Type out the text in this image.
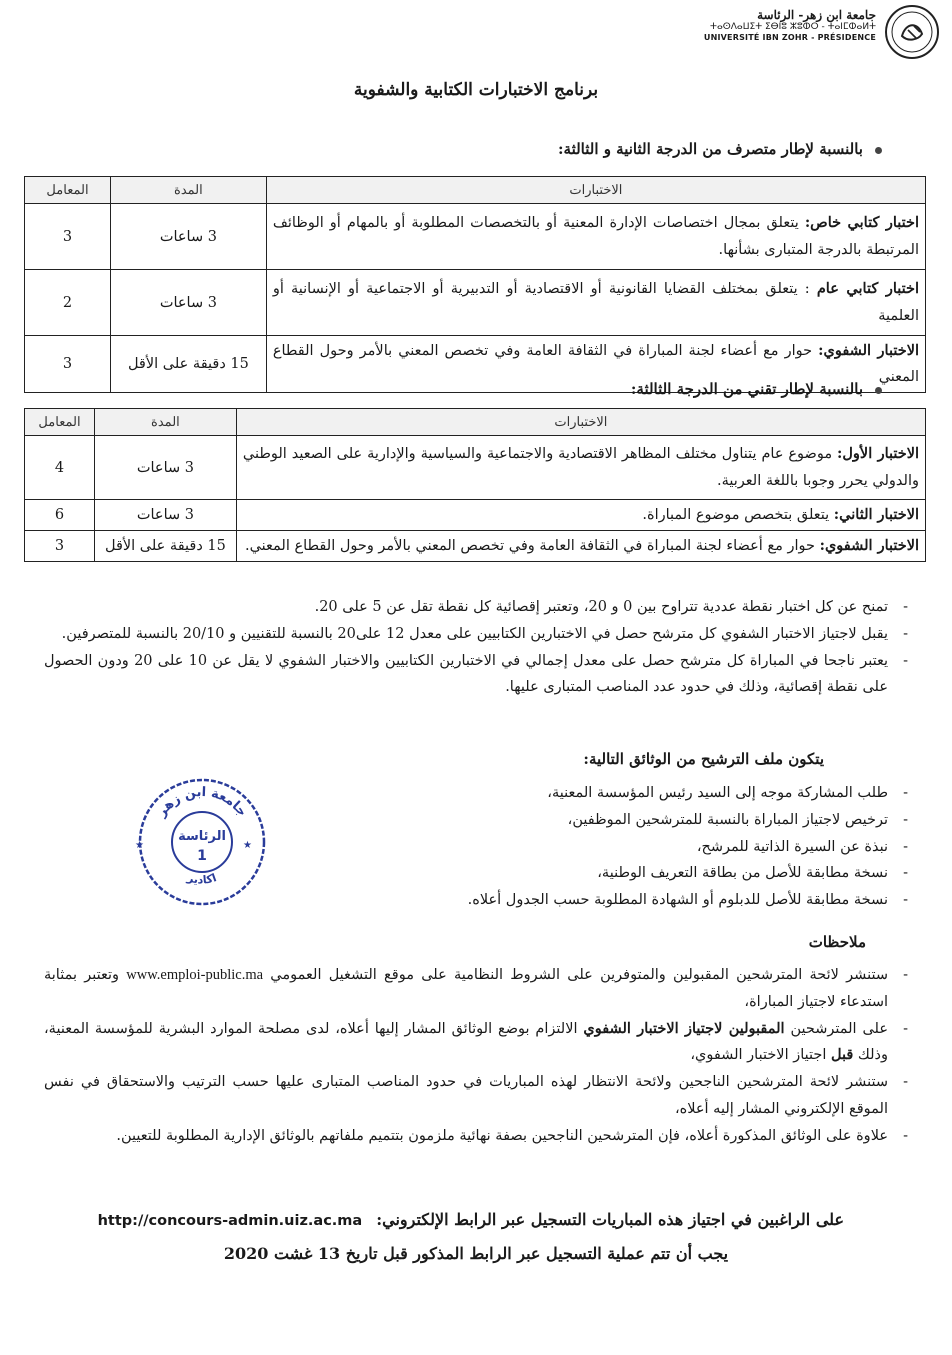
جامعة ابن زهر- الرئاسة
ⵜⴰⵙⴷⴰⵡⵉⵜ ⵉⴱⵏⵓ ⵣⵓⵀⵔ - ⵜⴰⵏⵎⵀⴰⵍⵜ
UNIVERSITÉ IBN ZOHR - PRÉSIDENCE
برنامج الاختبارات الكتابية والشفوية
بالنسبة لإطار متصرف من الدرجة الثانية و الثالثة:
الاختبارات	المدة	المعامل
اختبار كتابي خاص: يتعلق بمجال اختصاصات الإدارة المعنية أو بالتخصصات المطلوبة أو بالمهام أو الوظائف المرتبطة بالدرجة المتبارى بشأنها.	3 ساعات	3
اختبار كتابي عام : يتعلق بمختلف القضايا القانونية أو الاقتصادية أو التدبيرية أو الاجتماعية أو الإنسانية أو العلمية	3 ساعات	2
الاختبار الشفوي: حوار مع أعضاء لجنة المباراة في الثقافة العامة وفي تخصص المعني بالأمر وحول القطاع المعني	15 دقيقة على الأقل	3
بالنسبة لإطار تقني من الدرجة الثالثة:
الاختبارات	المدة	المعامل
الاختبار الأول: موضوع عام يتناول مختلف المظاهر الاقتصادية والاجتماعية والسياسية والإدارية على الصعيد الوطني والدولي يحرر وجوبا باللغة العربية.	3 ساعات	4
الاختبار الثاني: يتعلق بتخصص موضوع المباراة.	3 ساعات	6
الاختبار الشفوي: حوار مع أعضاء لجنة المباراة في الثقافة العامة وفي تخصص المعني بالأمر وحول القطاع المعني.	15 دقيقة على الأقل	3
- تمنح عن كل اختبار نقطة عددية تتراوح بين 0 و 20، وتعتبر إقصائية كل نقطة تقل عن 5 على 20.
- يقبل لاجتياز الاختبار الشفوي كل مترشح حصل في الاختبارين الكتابيين على معدل 12 على20 بالنسبة للتقنيين و 20/10 بالنسبة للمتصرفين.
- يعتبر ناجحا في المباراة كل مترشح حصل على معدل إجمالي في الاختبارين الكتابيين والاختبار الشفوي لا يقل عن 10 على 20 ودون الحصول على نقطة إقصائية، وذلك في حدود عدد المناصب المتبارى عليها.
يتكون ملف الترشيح من الوثائق التالية:
- طلب المشاركة موجه إلى السيد رئيس المؤسسة المعنية،
- ترخيص لاجتياز المباراة بالنسبة للمترشحين الموظفين،
- نبذة عن السيرة الذاتية للمرشح،
- نسخة مطابقة للأصل من بطاقة التعريف الوطنية،
- نسخة مطابقة للأصل للدبلوم أو الشهادة المطلوبة حسب الجدول أعلاه.
جامعة ابن زهر
الرئاسة
1
اكادير
★	★
ملاحظات
- ستنشر لائحة المترشحين المقبولين والمتوفرين على الشروط النظامية على موقع التشغيل العمومي www.emploi-public.ma وتعتبر بمثابة استدعاء لاجتياز المباراة،
- على المترشحين المقبولين لاجتياز الاختبار الشفوي الالتزام بوضع الوثائق المشار إليها أعلاه، لدى مصلحة الموارد البشرية للمؤسسة المعنية، وذلك قبل اجتياز الاختبار الشفوي،
- ستنشر لائحة المترشحين الناجحين ولائحة الانتظار لهذه المباريات في حدود المناصب المتبارى عليها حسب الترتيب والاستحقاق في نفس الموقع الإلكتروني المشار إليه أعلاه،
- علاوة على الوثائق المذكورة أعلاه، فإن المترشحين الناجحين بصفة نهائية ملزمون بتتميم ملفاتهم بالوثائق الإدارية المطلوبة للتعيين.
على الراغبين في اجتياز هذه المباريات التسجيل عبر الرابط الإلكتروني:http://concours-admin.uiz.ac.ma
يجب أن تتم عملية التسجيل عبر الرابط المذكور قبل تاريخ 13 غشت 2020
